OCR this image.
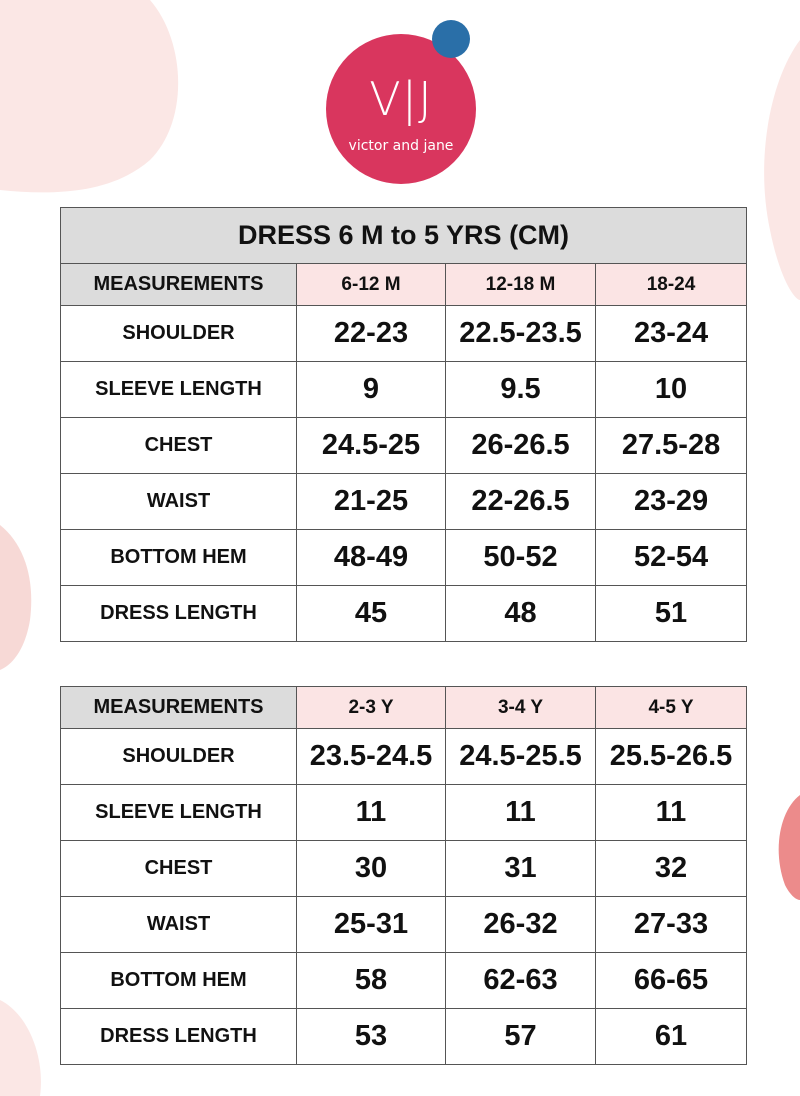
V|J
victor and jane
DRESS 6 M to 5 YRS (CM)			
MEASUREMENTS	6-12 M	12-18 M	18-24
SHOULDER	22-23	22.5-23.5	23-24
SLEEVE LENGTH	9	9.5	10
CHEST	24.5-25	26-26.5	27.5-28
WAIST	21-25	22-26.5	23-29
BOTTOM HEM	48-49	50-52	52-54
DRESS LENGTH	45	48	51
MEASUREMENTS	2-3 Y	3-4 Y	4-5 Y
SHOULDER	23.5-24.5	24.5-25.5	25.5-26.5
SLEEVE LENGTH	11	11	11
CHEST	30	31	32
WAIST	25-31	26-32	27-33
BOTTOM HEM	58	62-63	66-65
DRESS LENGTH	53	57	61
